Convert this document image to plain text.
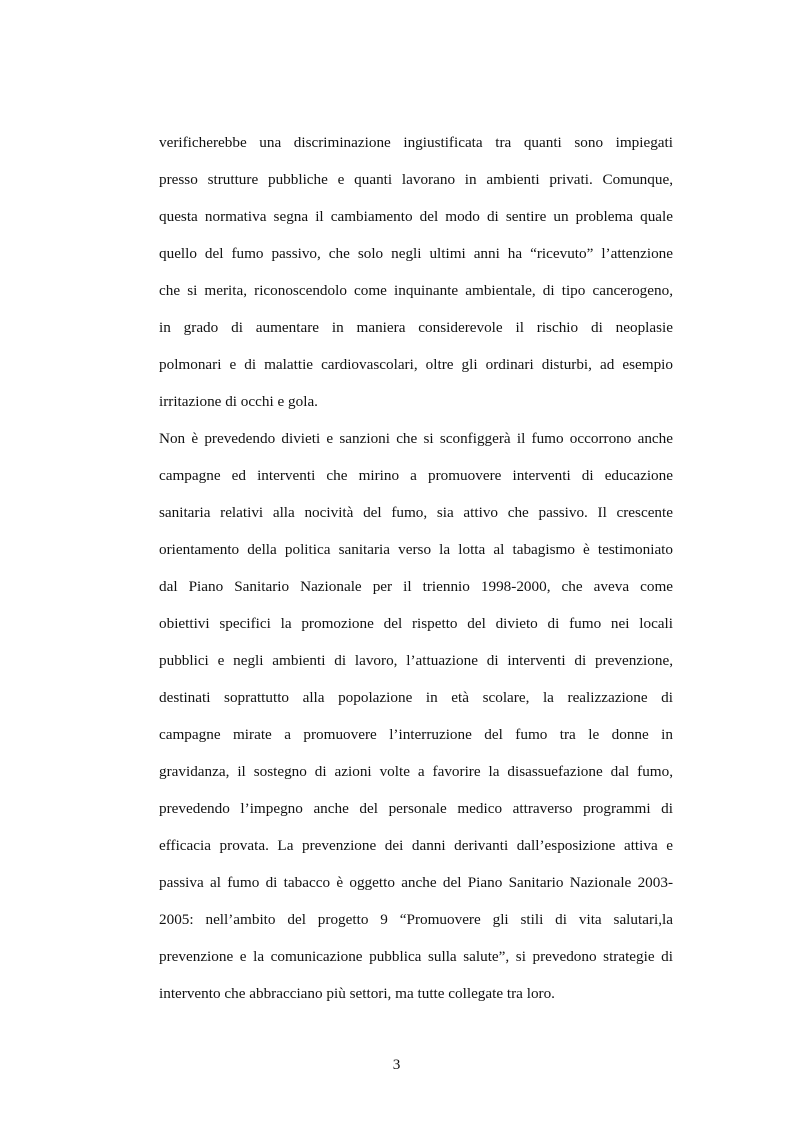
verificherebbe una discriminazione ingiustificata tra quanti sono impiegati
presso strutture pubbliche e quanti lavorano in ambienti privati. Comunque,
questa normativa segna il cambiamento del modo di sentire un problema quale
quello del fumo passivo, che solo negli ultimi anni ha “ricevuto” l’attenzione
che si merita, riconoscendolo come inquinante ambientale, di tipo cancerogeno,
in grado di aumentare in maniera considerevole il rischio di neoplasie
polmonari e di malattie cardiovascolari, oltre gli ordinari disturbi, ad esempio
irritazione di occhi e gola.
Non è prevedendo divieti e sanzioni che si sconfiggerà il fumo occorrono anche
campagne ed interventi che mirino a promuovere interventi di educazione
sanitaria relativi alla nocività del fumo, sia attivo che passivo. Il crescente
orientamento della politica sanitaria verso la lotta al tabagismo è testimoniato
dal Piano Sanitario Nazionale per il triennio 1998-2000, che aveva come
obiettivi specifici la promozione del rispetto del divieto di fumo nei locali
pubblici e negli ambienti di lavoro, l’attuazione di interventi di prevenzione,
destinati soprattutto alla popolazione in età scolare, la realizzazione di
campagne mirate a promuovere l’interruzione del fumo tra le donne in
gravidanza, il sostegno di azioni volte a favorire la disassuefazione dal fumo,
prevedendo l’impegno anche del personale medico attraverso programmi di
efficacia provata. La prevenzione dei danni derivanti dall’esposizione attiva e
passiva al fumo di tabacco è oggetto anche del Piano Sanitario Nazionale 2003-
2005: nell’ambito del progetto 9 “Promuovere gli stili di vita salutari,la
prevenzione e la comunicazione pubblica sulla salute”, si prevedono strategie di
intervento che abbracciano più settori, ma tutte collegate tra loro.
3
